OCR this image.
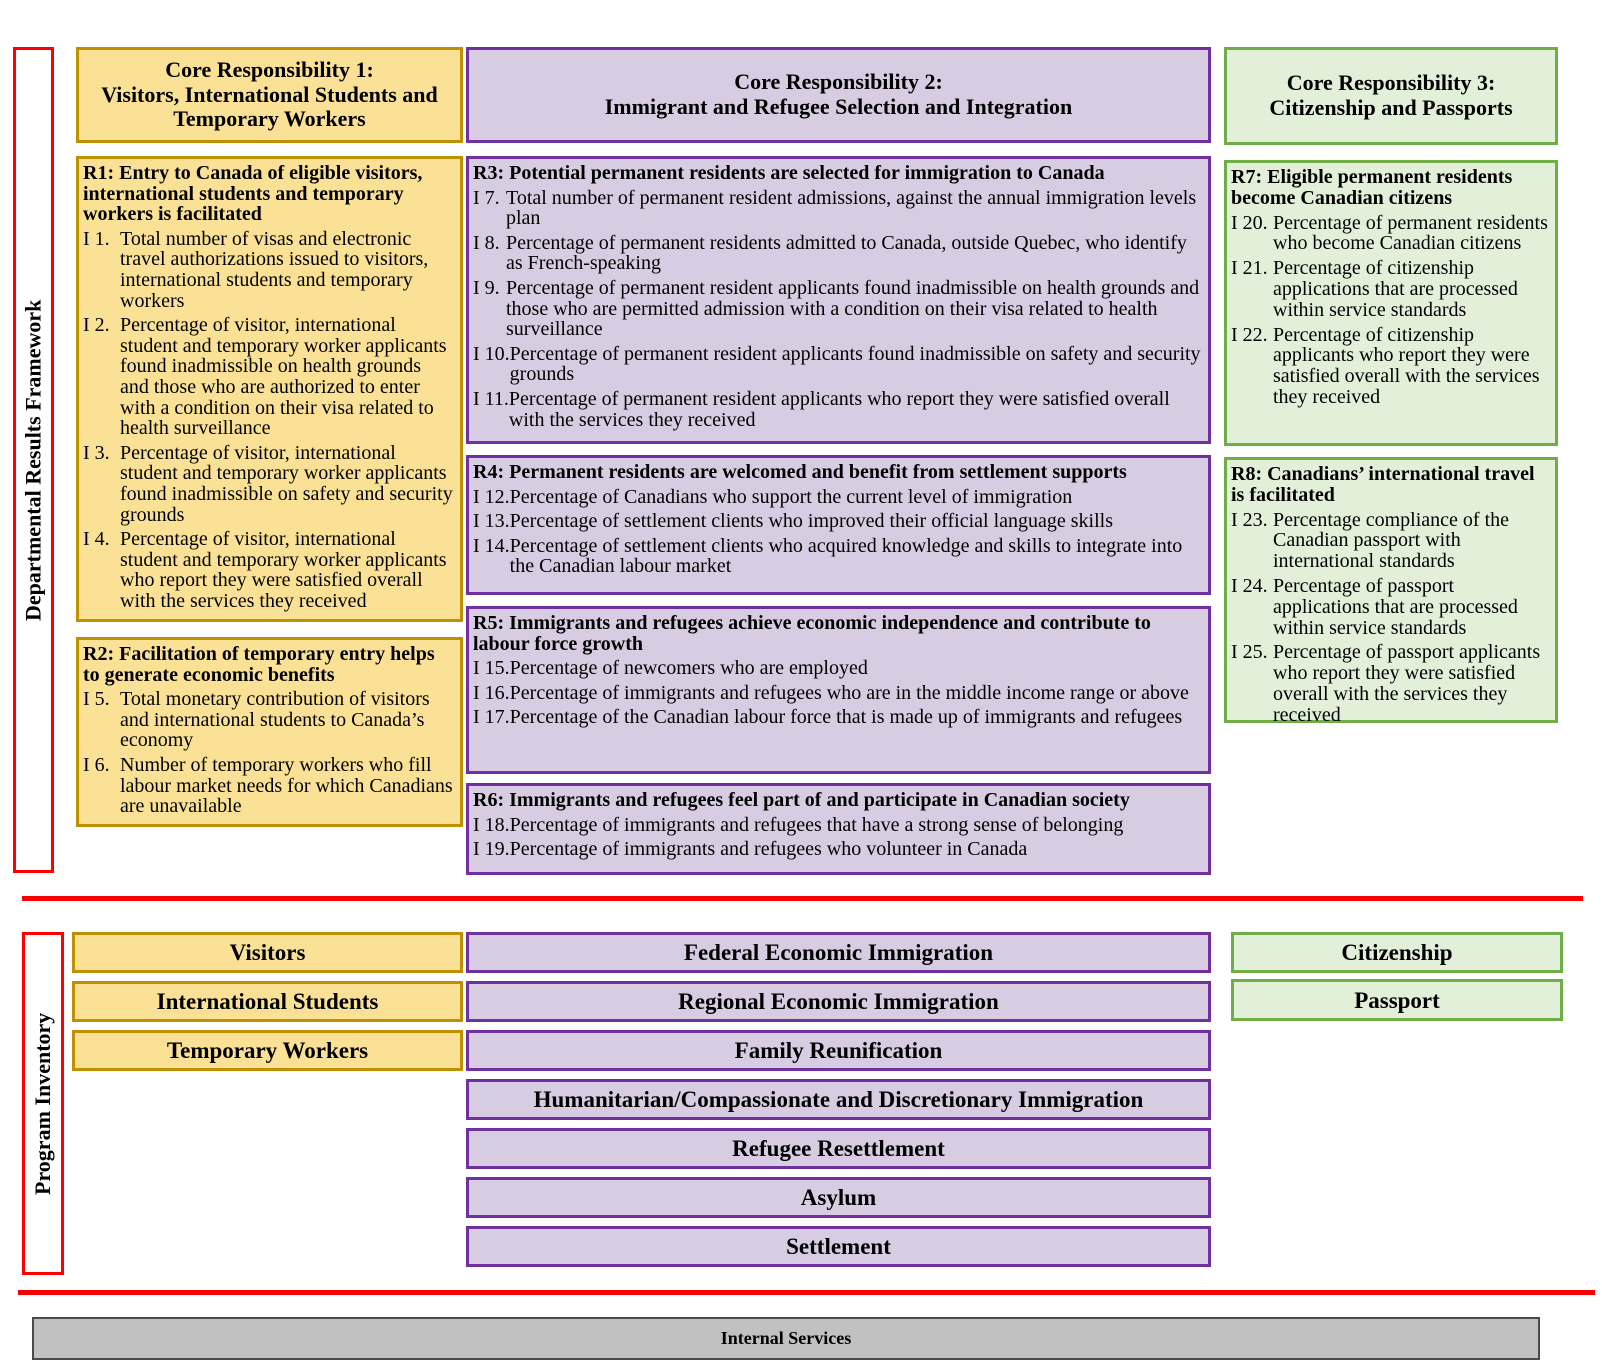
Departmental Results Framework
Program Inventory
Core Responsibility 1:
Visitors, International Students and Temporary Workers
Core Responsibility 2:
Immigrant and Refugee Selection and Integration
Core Responsibility 3:
Citizenship and Passports
R1: Entry to Canada of eligible visitors, international students and temporary workers is facilitated
I 1. Total number of visas and electronic travel authorizations issued to visitors, international students and temporary workers
I 2. Percentage of visitor, international student and temporary worker applicants found inadmissible on health grounds and those who are authorized to enter with a condition on their visa related to health surveillance
I 3. Percentage of visitor, international student and temporary worker applicants found inadmissible on safety and security grounds
I 4. Percentage of visitor, international student and temporary worker applicants who report they were satisfied overall with the services they received
R2: Facilitation of temporary entry helps to generate economic benefits
I 5. Total monetary contribution of visitors and international students to Canada’s economy
I 6. Number of temporary workers who fill labour market needs for which Canadians are unavailable
R3: Potential permanent residents are selected for immigration to Canada
I 7. Total number of permanent resident admissions, against the annual immigration levels plan
I 8. Percentage of permanent residents admitted to Canada, outside Quebec, who identify as French-speaking
I 9. Percentage of permanent resident applicants found inadmissible on health grounds and those who are permitted admission with a condition on their visa related to health surveillance
I 10. Percentage of permanent resident applicants found inadmissible on safety and security grounds
I 11. Percentage of permanent resident applicants who report they were satisfied overall with the services they received
R4: Permanent residents are welcomed and benefit from settlement supports
I 12. Percentage of Canadians who support the current level of immigration
I 13. Percentage of settlement clients who improved their official language skills
I 14. Percentage of settlement clients who acquired knowledge and skills to integrate into the Canadian labour market
R5: Immigrants and refugees achieve economic independence and contribute to labour force growth
I 15. Percentage of newcomers who are employed
I 16. Percentage of immigrants and refugees who are in the middle income range or above
I 17. Percentage of the Canadian labour force that is made up of immigrants and refugees
R6: Immigrants and refugees feel part of and participate in Canadian society
I 18. Percentage of immigrants and refugees that have a strong sense of belonging
I 19. Percentage of immigrants and refugees who volunteer in Canada
R7: Eligible permanent residents become Canadian citizens
I 20. Percentage of permanent residents who become Canadian citizens
I 21. Percentage of citizenship applications that are processed within service standards
I 22. Percentage of citizenship applicants who report they were satisfied overall with the services they received
R8: Canadians’ international travel is facilitated
I 23. Percentage compliance of the Canadian passport with international standards
I 24. Percentage of passport applications that are processed within service standards
I 25. Percentage of passport applicants who report they were satisfied overall with the services they received
Visitors
International Students
Temporary Workers
Federal Economic Immigration
Regional Economic Immigration
Family Reunification
Humanitarian/Compassionate and Discretionary Immigration
Refugee Resettlement
Asylum
Settlement
Citizenship
Passport
Internal Services
